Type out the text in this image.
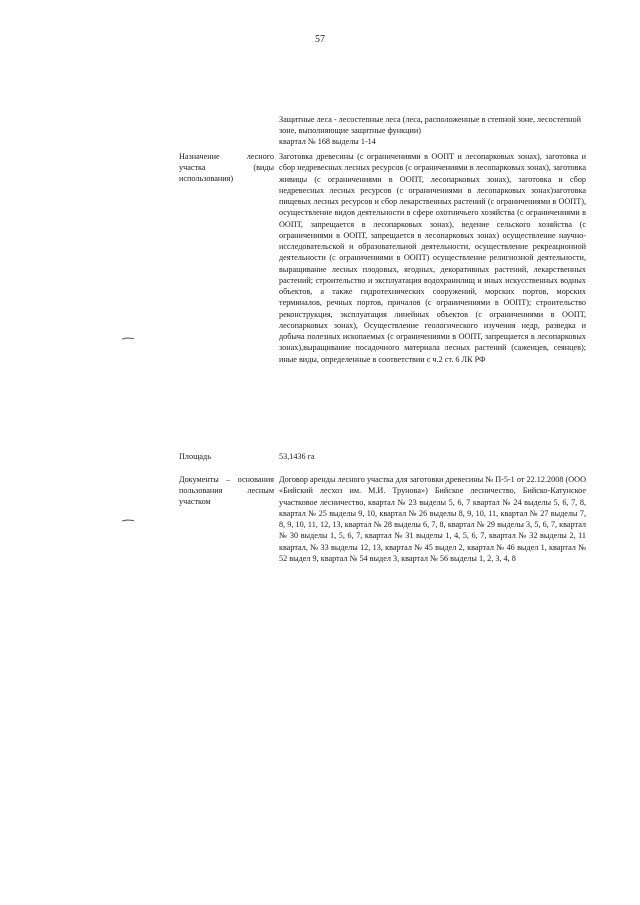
57
Защитные леса - лесостепные леса (леса, расположенные в степной зоне, лесостепной зоне, выполняющие защитные функции)
квартал № 168 выделы 1-14
Назначение лесного участка (виды использования)
Заготовка древесины (с ограничениями в ООПТ и лесопарковых зонах), заготовка и сбор недревесных лесных ресурсов (с ограничениями в лесопарковых зонах), заготовка живицы (с ограничениями в ООПТ, лесопарковых зонах), заготовка и сбор недревесных лесных ресурсов (с ограничениями в лесопарковых зонах)заготовка пищевых лесных ресурсов и сбор лекарственных растений (с ограничениями в ООПТ), осуществление видов деятельности в сфере охотничьего хозяйства (с ограничениями в ООПТ, запрещается в лесопарковых зонах), ведение сельского хозяйства (с ограничениями в ООПТ, запрещается в лесопарковых зонах) осуществление научно-исследовательской и образовательной деятельности, осуществление рекреационной деятельности (с ограничениями в ООПТ) осуществление религиозной деятельности, выращивание лесных плодовых, ягодных, декоративных растений, лекарственных растений; строительство и эксплуатация водохранилищ и иных искусственных водных объектов, а также гидротехнических сооружений, морских портов, морских терминалов, речных портов, причалов (с ограничениями в ООПТ); строительство реконструкция, эксплуатация линейных объектов (с ограничениями в ООПТ, лесопарковых зонах), Осуществление геологического изучения недр, разведка и добыча полезных ископаемых (с ограничениями в ООПТ, запрещается в лесопарковых зонах),выращивание посадочного материала лесных растений (саженцев, сеянцев); иные виды, определенные в соответствии с ч.2 ст. 6 ЛК РФ
Площадь	53,1436 га
Документы – основания пользования лесным участком
Договор аренды лесного участка для заготовки древесины № П-5-1 от 22.12.2008 (ООО «Бийский лесхоз им. М.И. Трунова») Бийское лесничество, Бийско-Катунское участковое лесничество, квартал № 23 выделы 5, 6, 7 квартал № 24 выделы 5, 6, 7, 8, квартал № 25 выделы 9, 10, квартал № 26 выделы 8, 9, 10, 11, квартал № 27 выделы 7, 8, 9, 10, 11, 12, 13, квартал № 28 выделы 6, 7, 8, квартал № 29 выделы 3, 5, 6, 7, квартал № 30 выделы 1, 5, 6, 7, квартал № 31 выделы 1, 4, 5, 6, 7, квартал № 32 выделы 2, 11 квартал, № 33 выделы 12, 13, квартал № 45 выдел 2, квартал № 46 выдел 1, квартал № 52 выдел 9, квартал № 54 выдел 3, квартал № 56 выделы 1, 2, 3, 4, 8
